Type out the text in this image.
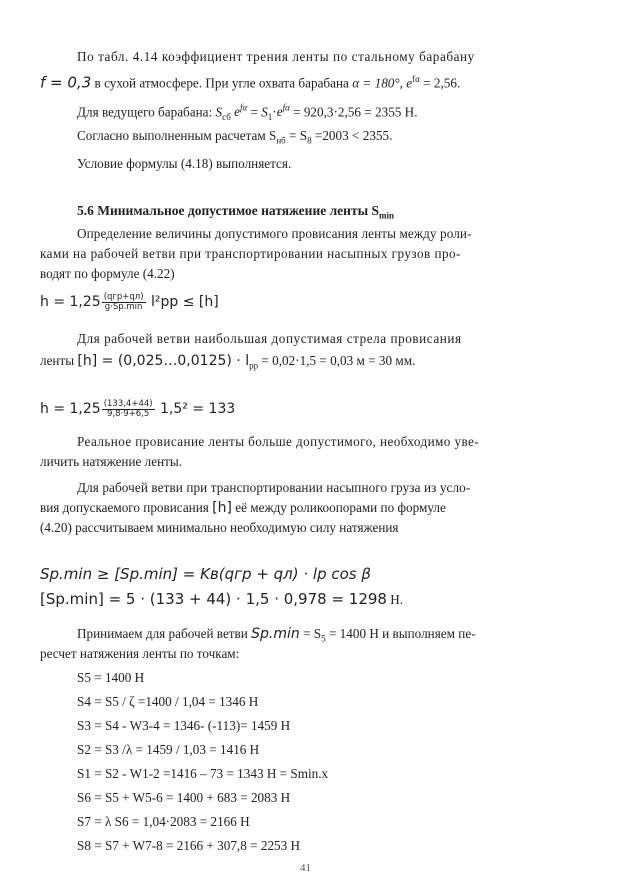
По табл. 4.14 коэффициент трения ленты по стальному барабану
f = 0,3 в сухой атмосфере. При угле охвата барабана α = 180°, $e^{f\alpha} = 2,56$.
Для ведущего барабана: $S_{сб}$ $e^{f\alpha} = S_1\cdot e^{f\alpha} = 920,3\cdot 2,56 = 2355$ Н.
Согласно выполненным расчетам $S_{нб} = S_8 =2003 < 2355$.
Условие формулы (4.18) выполняется.
5.6 Минимальное допустимое натяжение ленты $S_{min}$
Определение величины допустимого провисания ленты между роли-
ками на рабочей ветви при транспортировании насыпных грузов про-
водят по формуле (4.22)
$h = 1,25 \frac{\text{(qгр+qл)}}{g\cdot Sр.\min} l^2рр \le [h]$
Для рабочей ветви наибольшая допустимая стрела провисания
ленты [h] = (0,025…0,0125) · $l_{рр} = 0,02\cdot 1,5 = 0,03$ м = 30 мм.
$h = 1,25 \frac{(133,4+44)}{9,8\cdot 9+6,5} 1,5^2 = 133$
Реальное провисание ленты больше допустимого, необходимо уве-
личить натяжение ленты.
Для рабочей ветви при транспортировании насыпного груза из усло-
вия допускаемого провисания [h] её между роликоопорами по формуле
(4.20) рассчитываем минимально необходимую силу натяжения
Sр.min ≥ [Sр.min] = Kв(qгр + qл) · lр cos β
[Sр.min] = 5 · (133 + 44) · 1,5 · 0,978 = 1298 Н.
Принимаем для рабочей ветви $Sр.\min = S_5 = 1400$ Н и выполняем пе-
ресчет натяжения ленты по точкам:
S5 = 1400 Н
S4 = S5 / ζ =1400 / 1,04 = 1346 Н
S3 = S4 - W3-4 = 1346- (-113)= 1459 Н
S2 = S3 /λ = 1459 / 1,03 = 1416 Н
S1 = S2 - W1-2 =1416 – 73 = 1343 Н = Smin.x
S6 = S5 + W5-6 = 1400 + 683 = 2083 Н
S7 = λ S6 = 1,04·2083 = 2166 Н
S8 = S7 + W7-8 = 2166 + 307,8 = 2253 Н
41
